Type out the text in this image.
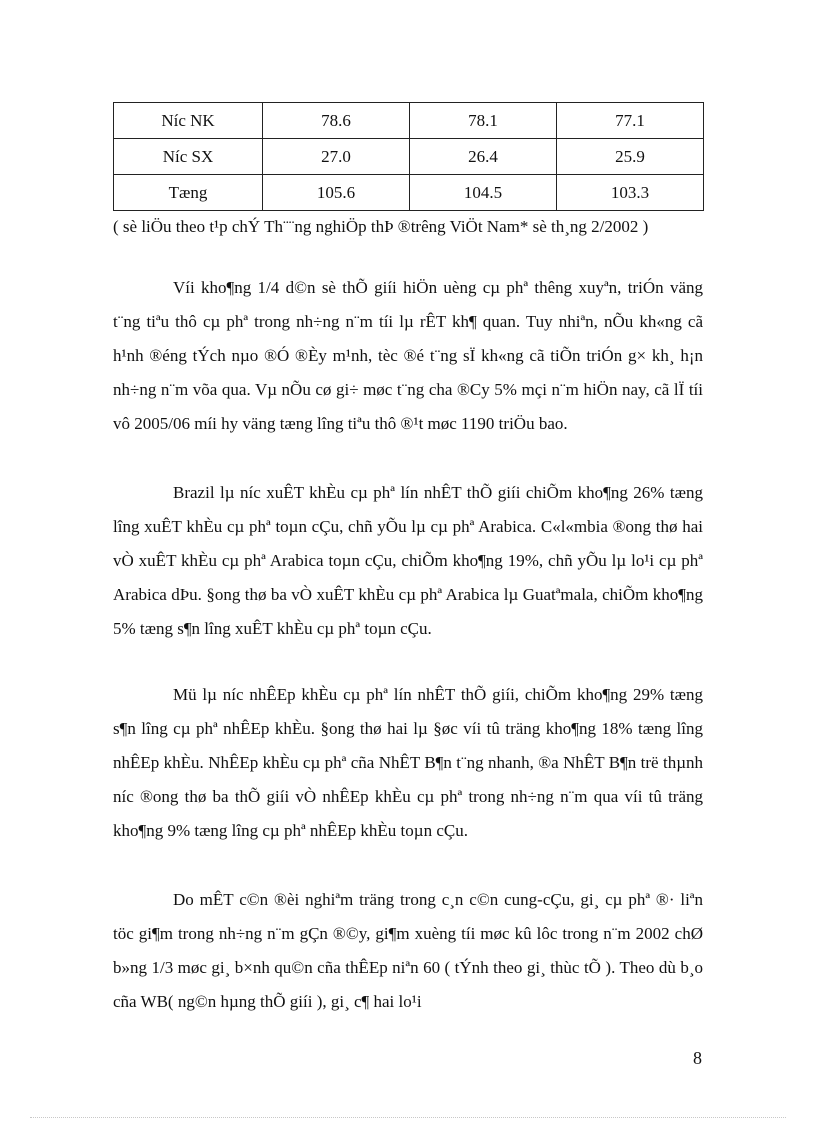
Níc NK	78.6	78.1	77.1
Níc SX	27.0	26.4	25.9
Tæng	105.6	104.5	103.3
( sè liÖu theo t¹p chÝ Th¨¨ng nghiÖp thÞ ®trêng ViÖt Nam* sè th¸ng 2/2002 )

Víi kho¶ng 1/4 d©n sè thÕ giíi hiÖn uèng cµ phª thêng xuyªn, triÓn väng t¨ng tiªu thô cµ phª trong nh÷ng n¨m tíi lµ rÊT kh¶ quan. Tuy nhiªn, nÕu kh«ng cã h¹nh ®éng tÝch nµo ®Ó ®Èy m¹nh, tèc ®é t¨ng sÏ kh«ng cã tiÕn triÓn g× kh¸ h¡n nh÷ng n¨m võa qua. Vµ nÕu cø gi÷ møc t¨ng cha ®Cy 5% mçi n¨m hiÖn nay, cã lÏ tíi vô 2005/06 míi hy väng tæng lîng tiªu thô ®¹t møc 1190 triÖu bao.

Brazil lµ níc xuÊT khÈu cµ phª lín nhÊT thÕ giíi chiÕm kho¶ng 26% tæng lîng xuÊT khÈu cµ phª toµn cÇu, chñ yÕu lµ cµ phª Arabica. C«l«mbia ®ong thø hai vÒ xuÊT khÈu cµ phª Arabica toµn cÇu, chiÕm kho¶ng 19%, chñ yÕu lµ lo¹i cµ phª Arabica dÞu. §ong thø ba vÒ xuÊT khÈu cµ phª Arabica lµ Guatªmala, chiÕm kho¶ng 5% tæng s¶n lîng xuÊT khÈu cµ phª toµn cÇu.

Mü lµ níc nhÊEp khÈu cµ phª lín nhÊT thÕ giíi, chiÕm kho¶ng 29% tæng s¶n lîng cµ phª nhÊEp khÈu. §ong thø hai lµ §øc víi tû träng kho¶ng 18% tæng lîng nhÊEp khÈu. NhÊEp khÈu cµ phª cña NhÊT B¶n t¨ng nhanh, ®a NhÊT B¶n trë thµnh níc ®ong thø ba thÕ giíi vÒ nhÊEp khÈu cµ phª trong nh÷ng n¨m qua víi tû träng kho¶ng 9% tæng lîng cµ phª nhÊEp khÈu toµn cÇu.

Do mÊT c©n ®èi nghiªm träng trong c¸n c©n cung-cÇu, gi¸ cµ phª ®· liªn töc gi¶m trong nh÷ng n¨m gÇn ®©y, gi¶m xuèng tíi møc kû lôc trong n¨m 2002 chØ b»ng 1/3 møc gi¸ b×nh qu©n cña thÊEp niªn 60 ( tÝnh theo gi¸ thùc tÕ ). Theo dù b¸o cña WB( ng©n hµng thÕ giíi ), gi¸ c¶ hai lo¹i

8
